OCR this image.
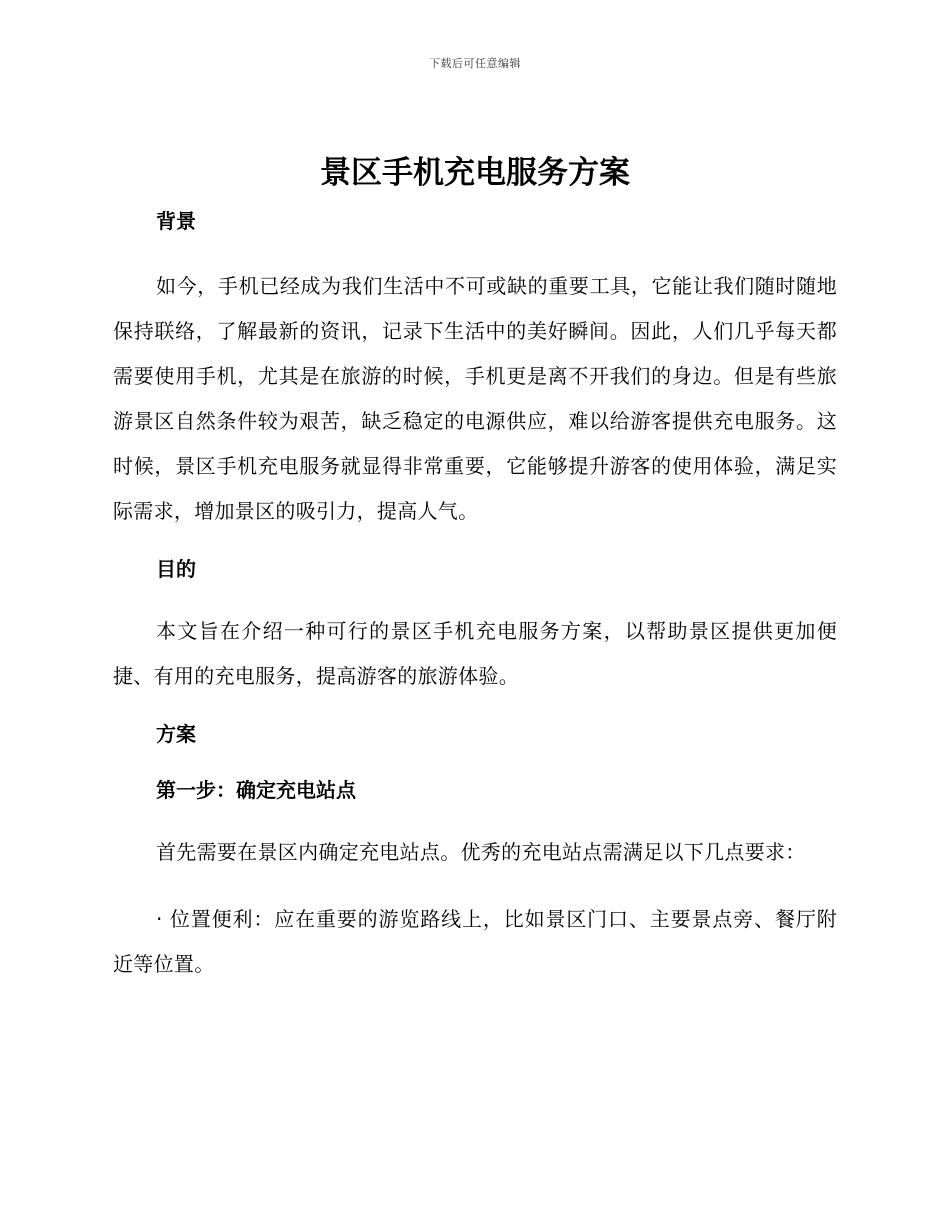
下载后可任意编辑
景区手机充电服务方案

背景

如今，手机已经成为我们生活中不可或缺的重要工具，它能让我们随时随地保持联络，了解最新的资讯，记录下生活中的美好瞬间。因此，人们几乎每天都需要使用手机，尤其是在旅游的时候，手机更是离不开我们的身边。但是有些旅游景区自然条件较为艰苦，缺乏稳定的电源供应，难以给游客提供充电服务。这时候，景区手机充电服务就显得非常重要，它能够提升游客的使用体验，满足实际需求，增加景区的吸引力，提高人气。

目的

本文旨在介绍一种可行的景区手机充电服务方案，以帮助景区提供更加便捷、有用的充电服务，提高游客的旅游体验。

方案

第一步：确定充电站点

首先需要在景区内确定充电站点。优秀的充电站点需满足以下几点要求：

· 位置便利：应在重要的游览路线上，比如景区门口、主要景点旁、餐厅附近等位置。
